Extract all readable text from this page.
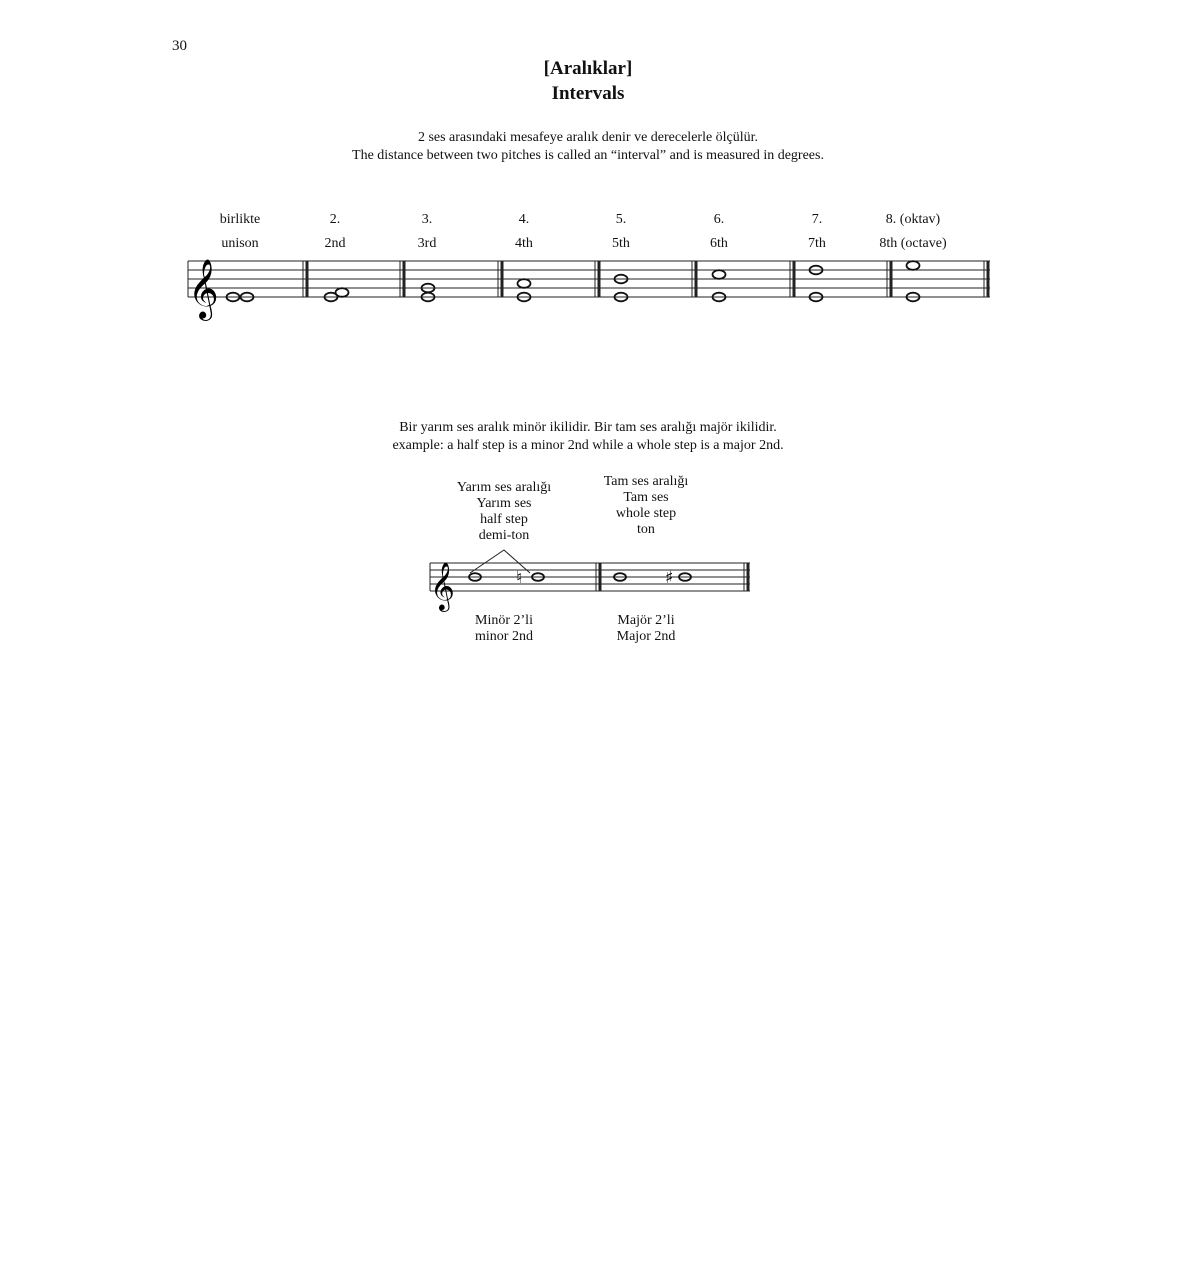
30
[Aralıklar]
Intervals
2 ses arasındaki mesafeye aralık denir ve derecelerle ölçülür.
The distance between two pitches is called an “interval” and is measured in degrees.
birlikte
unison
2.
2nd
3.
3rd
4.
4th
5.
5th
6.
6th
7.
7th
8. (oktav)
8th (octave)
𝄞
Bir yarım ses aralık minör ikilidir. Bir tam ses aralığı majör ikilidir.
example: a half step is a minor 2nd while a whole step is a major 2nd.
Yarım ses aralığı
Yarım ses
half step
demi-ton
Tam ses aralığı
Tam ses
whole step
ton
𝄞	♮	♯
Minör 2’li
minor 2nd
Majör 2’li
Major 2nd
